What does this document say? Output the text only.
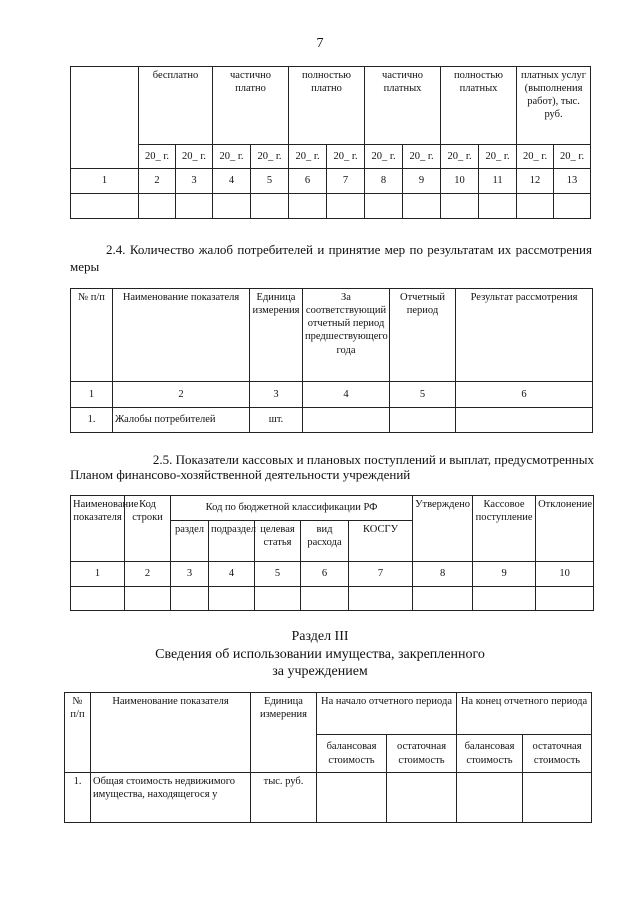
7
	бесплатно		частично платно		полностью платно		частично платных		полностью платных		платных услуг (выполнения работ), тыс. руб.	
	20_ г.	20_ г.	20_ г.	20_ г.	20_ г.	20_ г.	20_ г.	20_ г.	20_ г.	20_ г.	20_ г.	20_ г.
1	2	3	4	5	6	7	8	9	10	11	12	13

2.4. Количество жалоб потребителей и принятие мер по результатам их рассмотрения меры
№ п/п	Наименование показателя	Единица измерения	За соответствующий отчетный период предшествующего года	Отчетный период	Результат рассмотрения
1	2	3	4	5	6
1.	Жалобы потребителей	шт.			
2.5. Показатели кассовых и плановых поступлений и выплат, предусмотренных
Планом финансово-хозяйственной деятельности учреждений
Наименование показателя	Код строки	Код по бюджетной классификации РФ					Утверждено	Кассовое поступление	Отклонение
		раздел	подраздел	целевая статья	вид расхода	КОСГУ			
1	2	3	4	5	6	7	8	9	10

Раздел III
Сведения об использовании имущества, закрепленного
за учреждением
№ п/п	Наименование показателя	Единица измерения	На начало отчетного периода		На конец отчетного периода	
			балансовая стоимость	остаточная стоимость	балансовая стоимость	остаточная стоимость
1.	Общая стоимость недвижимого имущества, находящегося у	тыс. руб.				
